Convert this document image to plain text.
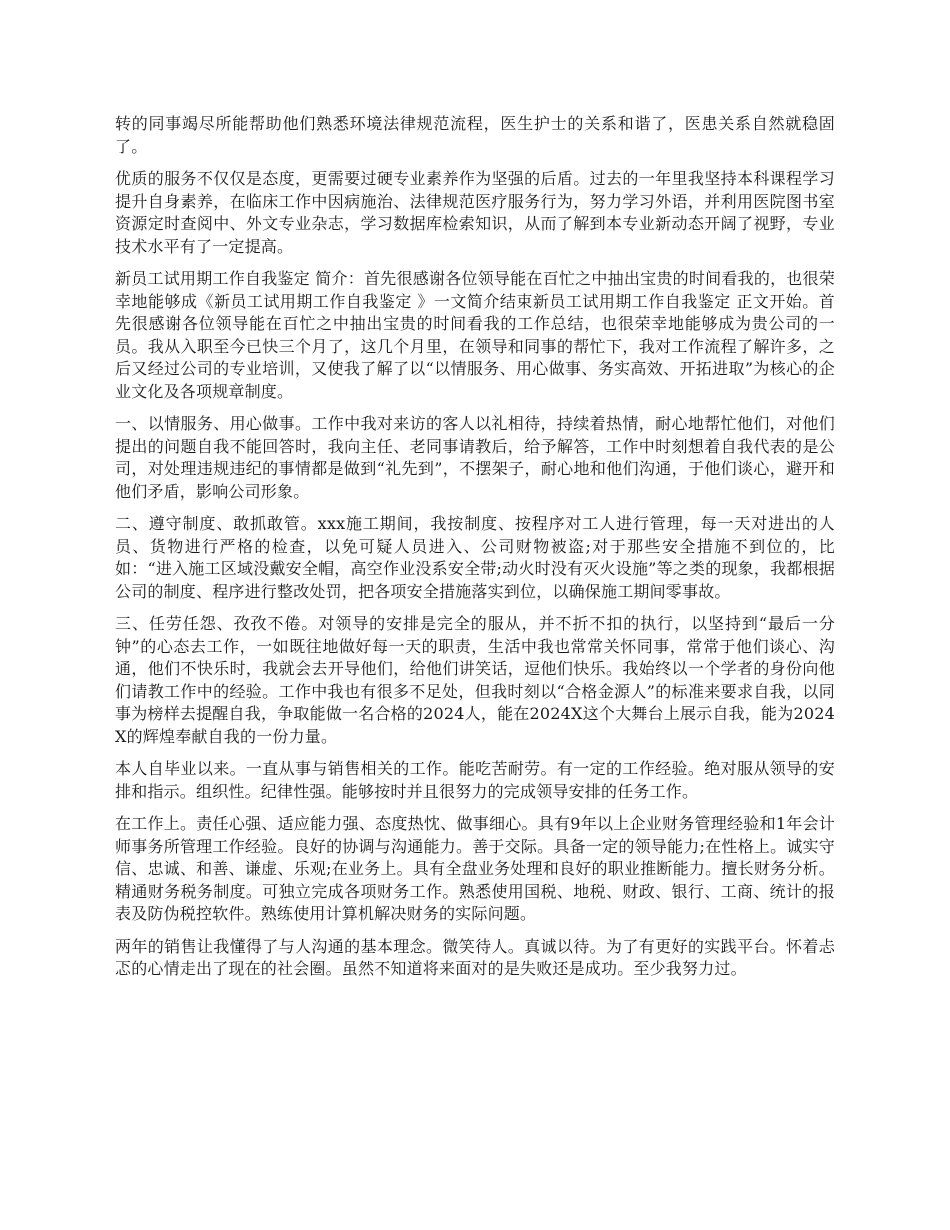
转的同事竭尽所能帮助他们熟悉环境法律规范流程，医生护士的关系和谐了，医患关系自然就稳固了。

优质的服务不仅仅是态度，更需要过硬专业素养作为坚强的后盾。过去的一年里我坚持本科课程学习提升自身素养，在临床工作中因病施治、法律规范医疗服务行为，努力学习外语，并利用医院图书室资源定时查阅中、外文专业杂志，学习数据库检索知识，从而了解到本专业新动态开阔了视野，专业技术水平有了一定提高。

新员工试用期工作自我鉴定 简介：首先很感谢各位领导能在百忙之中抽出宝贵的时间看我的，也很荣幸地能够成《新员工试用期工作自我鉴定 》一文简介结束新员工试用期工作自我鉴定 正文开始。首先很感谢各位领导能在百忙之中抽出宝贵的时间看我的工作总结，也很荣幸地能够成为贵公司的一员。我从入职至今已快三个月了，这几个月里，在领导和同事的帮忙下，我对工作流程了解许多，之后又经过公司的专业培训，又使我了解了以“以情服务、用心做事、务实高效、开拓进取”为核心的企业文化及各项规章制度。

一、以情服务、用心做事。工作中我对来访的客人以礼相待，持续着热情，耐心地帮忙他们，对他们提出的问题自我不能回答时，我向主任、老同事请教后，给予解答，工作中时刻想着自我代表的是公司，对处理违规违纪的事情都是做到“礼先到”，不摆架子，耐心地和他们沟通，于他们谈心，避开和他们矛盾，影响公司形象。

二、遵守制度、敢抓敢管。xxx施工期间，我按制度、按程序对工人进行管理，每一天对进出的人员、货物进行严格的检查，以免可疑人员进入、公司财物被盗;对于那些安全措施不到位的，比如：“进入施工区域没戴安全帽，高空作业没系安全带;动火时没有灭火设施”等之类的现象，我都根据公司的制度、程序进行整改处罚，把各项安全措施落实到位，以确保施工期间零事故。

三、任劳任怨、孜孜不倦。对领导的安排是完全的服从，并不折不扣的执行，以坚持到“最后一分钟”的心态去工作，一如既往地做好每一天的职责，生活中我也常常关怀同事，常常于他们谈心、沟通，他们不快乐时，我就会去开导他们，给他们讲笑话，逗他们快乐。我始终以一个学者的身份向他们请教工作中的经验。工作中我也有很多不足处，但我时刻以“合格金源人”的标准来要求自我，以同事为榜样去提醒自我，争取能做一名合格的2024人，能在2024X这个大舞台上展示自我，能为2024X的辉煌奉献自我的一份力量。

本人自毕业以来。一直从事与销售相关的工作。能吃苦耐劳。有一定的工作经验。绝对服从领导的安排和指示。组织性。纪律性强。能够按时并且很努力的完成领导安排的任务工作。

在工作上。责任心强、适应能力强、态度热忱、做事细心。具有9年以上企业财务管理经验和1年会计师事务所管理工作经验。良好的协调与沟通能力。善于交际。具备一定的领导能力;在性格上。诚实守信、忠诚、和善、谦虚、乐观;在业务上。具有全盘业务处理和良好的职业推断能力。擅长财务分析。精通财务税务制度。可独立完成各项财务工作。熟悉使用国税、地税、财政、银行、工商、统计的报表及防伪税控软件。熟练使用计算机解决财务的实际问题。

两年的销售让我懂得了与人沟通的基本理念。微笑待人。真诚以待。为了有更好的实践平台。怀着忐忑的心情走出了现在的社会圈。虽然不知道将来面对的是失败还是成功。至少我努力过。
